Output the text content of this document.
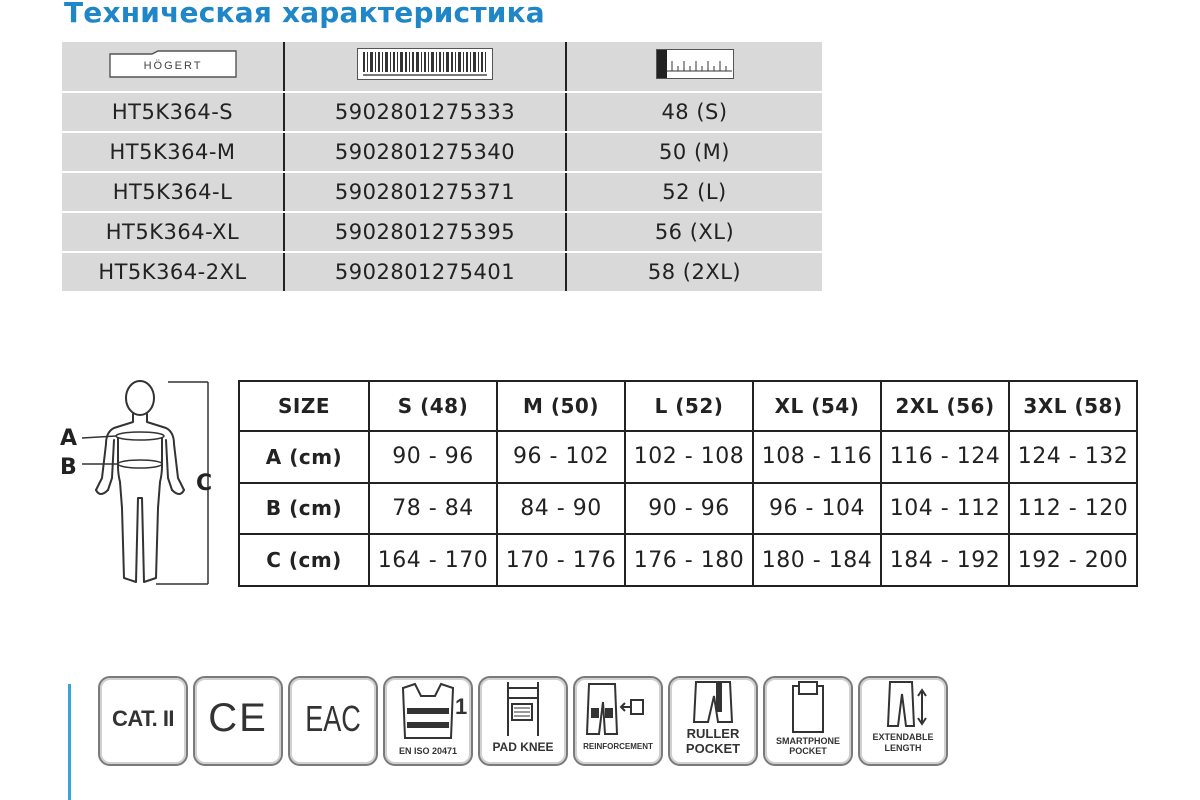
Техническая характеристика
HÖGERT

HT5K364-S	5902801275333	48 (S)
HT5K364-M	5902801275340	50 (M)
HT5K364-L	5902801275371	52 (L)
HT5K364-XL	5902801275395	56 (XL)
HT5K364-2XL	5902801275401	58 (2XL)
A
B
C
SIZE	S (48)	M (50)	L (52)	XL (54)	2XL (56)	3XL (58)
A (cm)	90 - 96	96 - 102	102 - 108	108 - 116	116 - 124	124 - 132
B (cm)	78 - 84	84 - 90	90 - 96	96 - 104	104 - 112	112 - 120
C (cm)	164 - 170	170 - 176	176 - 180	180 - 184	184 - 192	192 - 200
CAT. II CE	EAC	1
EN ISO 20471	PAD KNEE	REINFORCEMENT
RULLER
POCKET	SMARTPHONE
POCKET
EXTENDABLE
LENGTH
